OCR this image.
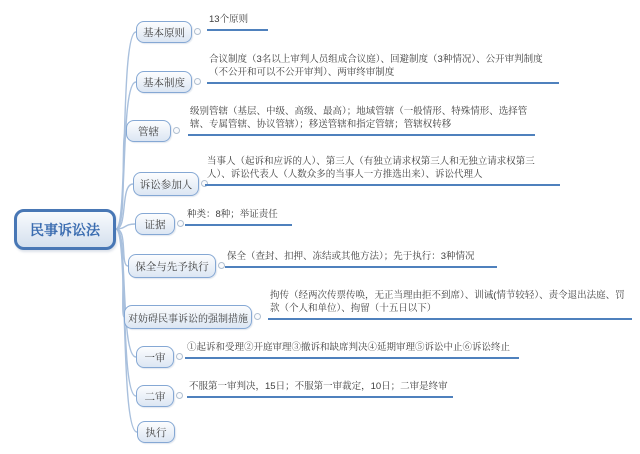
民事诉讼法
基本原则
13个原则
基本制度
合议制度（3名以上审判人员组成合议庭）、回避制度（3种情况）、公开审判制度（不公开和可以不公开审判）、两审终审制度
管辖
级别管辖（基层、中级、高级、最高）；地域管辖（一般情形、特殊情形、选择管辖、专属管辖、协议管辖）；移送管辖和指定管辖；管辖权转移
诉讼参加人
当事人（起诉和应诉的人）、第三人（有独立请求权第三人和无独立请求权第三人）、诉讼代表人（人数众多的当事人一方推选出来）、诉讼代理人
证据
种类：8种；举证责任
保全与先予执行
保全（查封、扣押、冻结或其他方法）；先于执行：3种情况
对妨碍民事诉讼的强制措施
拘传（经两次传票传唤，无正当理由拒不到席）、训诫(情节较轻）、责令退出法庭、罚款（个人和单位）、拘留（十五日以下）
一审
①起诉和受理②开庭审理③撤诉和缺席判决④延期审理⑤诉讼中止⑥诉讼终止
二审
不服第一审判决，15日；不服第一审裁定，10日；二审是终审
执行
